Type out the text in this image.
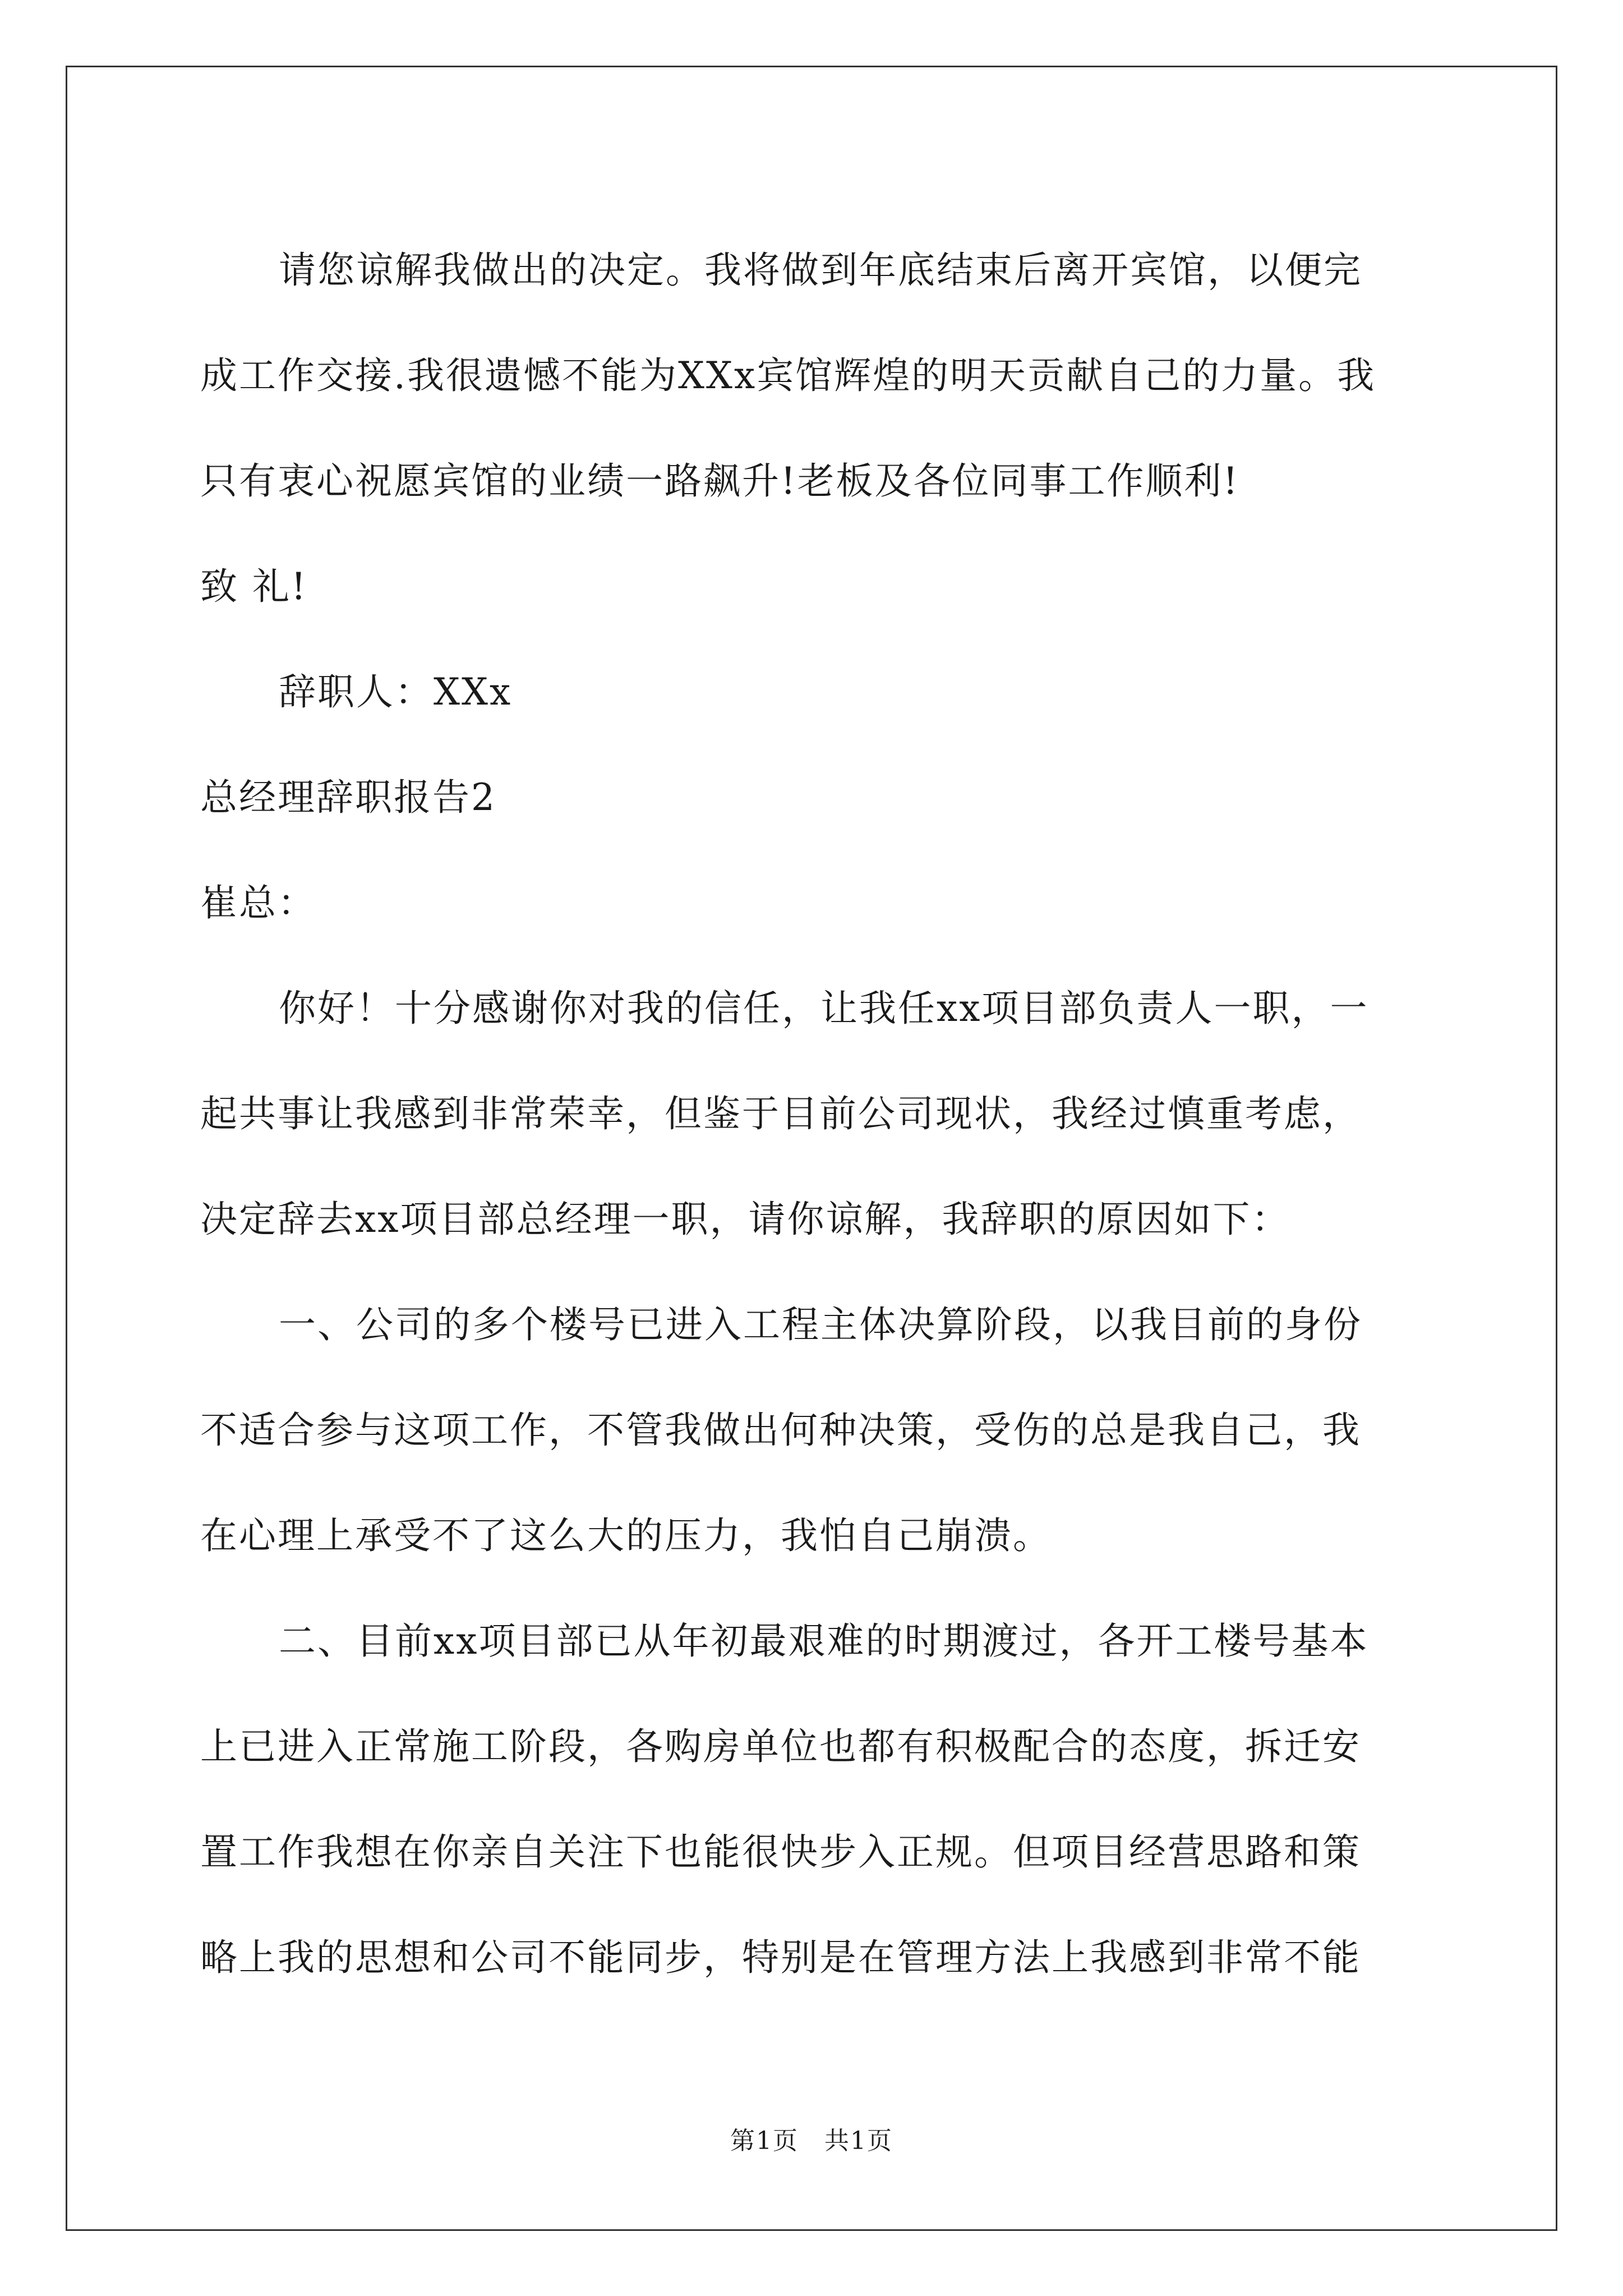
请您谅解我做出的决定。我将做到年底结束后离开宾馆，以便完
成工作交接.我很遗憾不能为XXx宾馆辉煌的明天贡献自己的力量。我
只有衷心祝愿宾馆的业绩一路飙升!老板及各位同事工作顺利!
致 礼!
辞职人：XXx
总经理辞职报告2
崔总：
你好！十分感谢你对我的信任，让我任xx项目部负责人一职，一
起共事让我感到非常荣幸，但鉴于目前公司现状，我经过慎重考虑，
决定辞去xx项目部总经理一职，请你谅解，我辞职的原因如下：
一、公司的多个楼号已进入工程主体决算阶段，以我目前的身份
不适合参与这项工作，不管我做出何种决策，受伤的总是我自己，我
在心理上承受不了这么大的压力，我怕自己崩溃。
二、目前xx项目部已从年初最艰难的时期渡过，各开工楼号基本
上已进入正常施工阶段，各购房单位也都有积极配合的态度，拆迁安
置工作我想在你亲自关注下也能很快步入正规。但项目经营思路和策
略上我的思想和公司不能同步，特别是在管理方法上我感到非常不能
第1页　共1页
